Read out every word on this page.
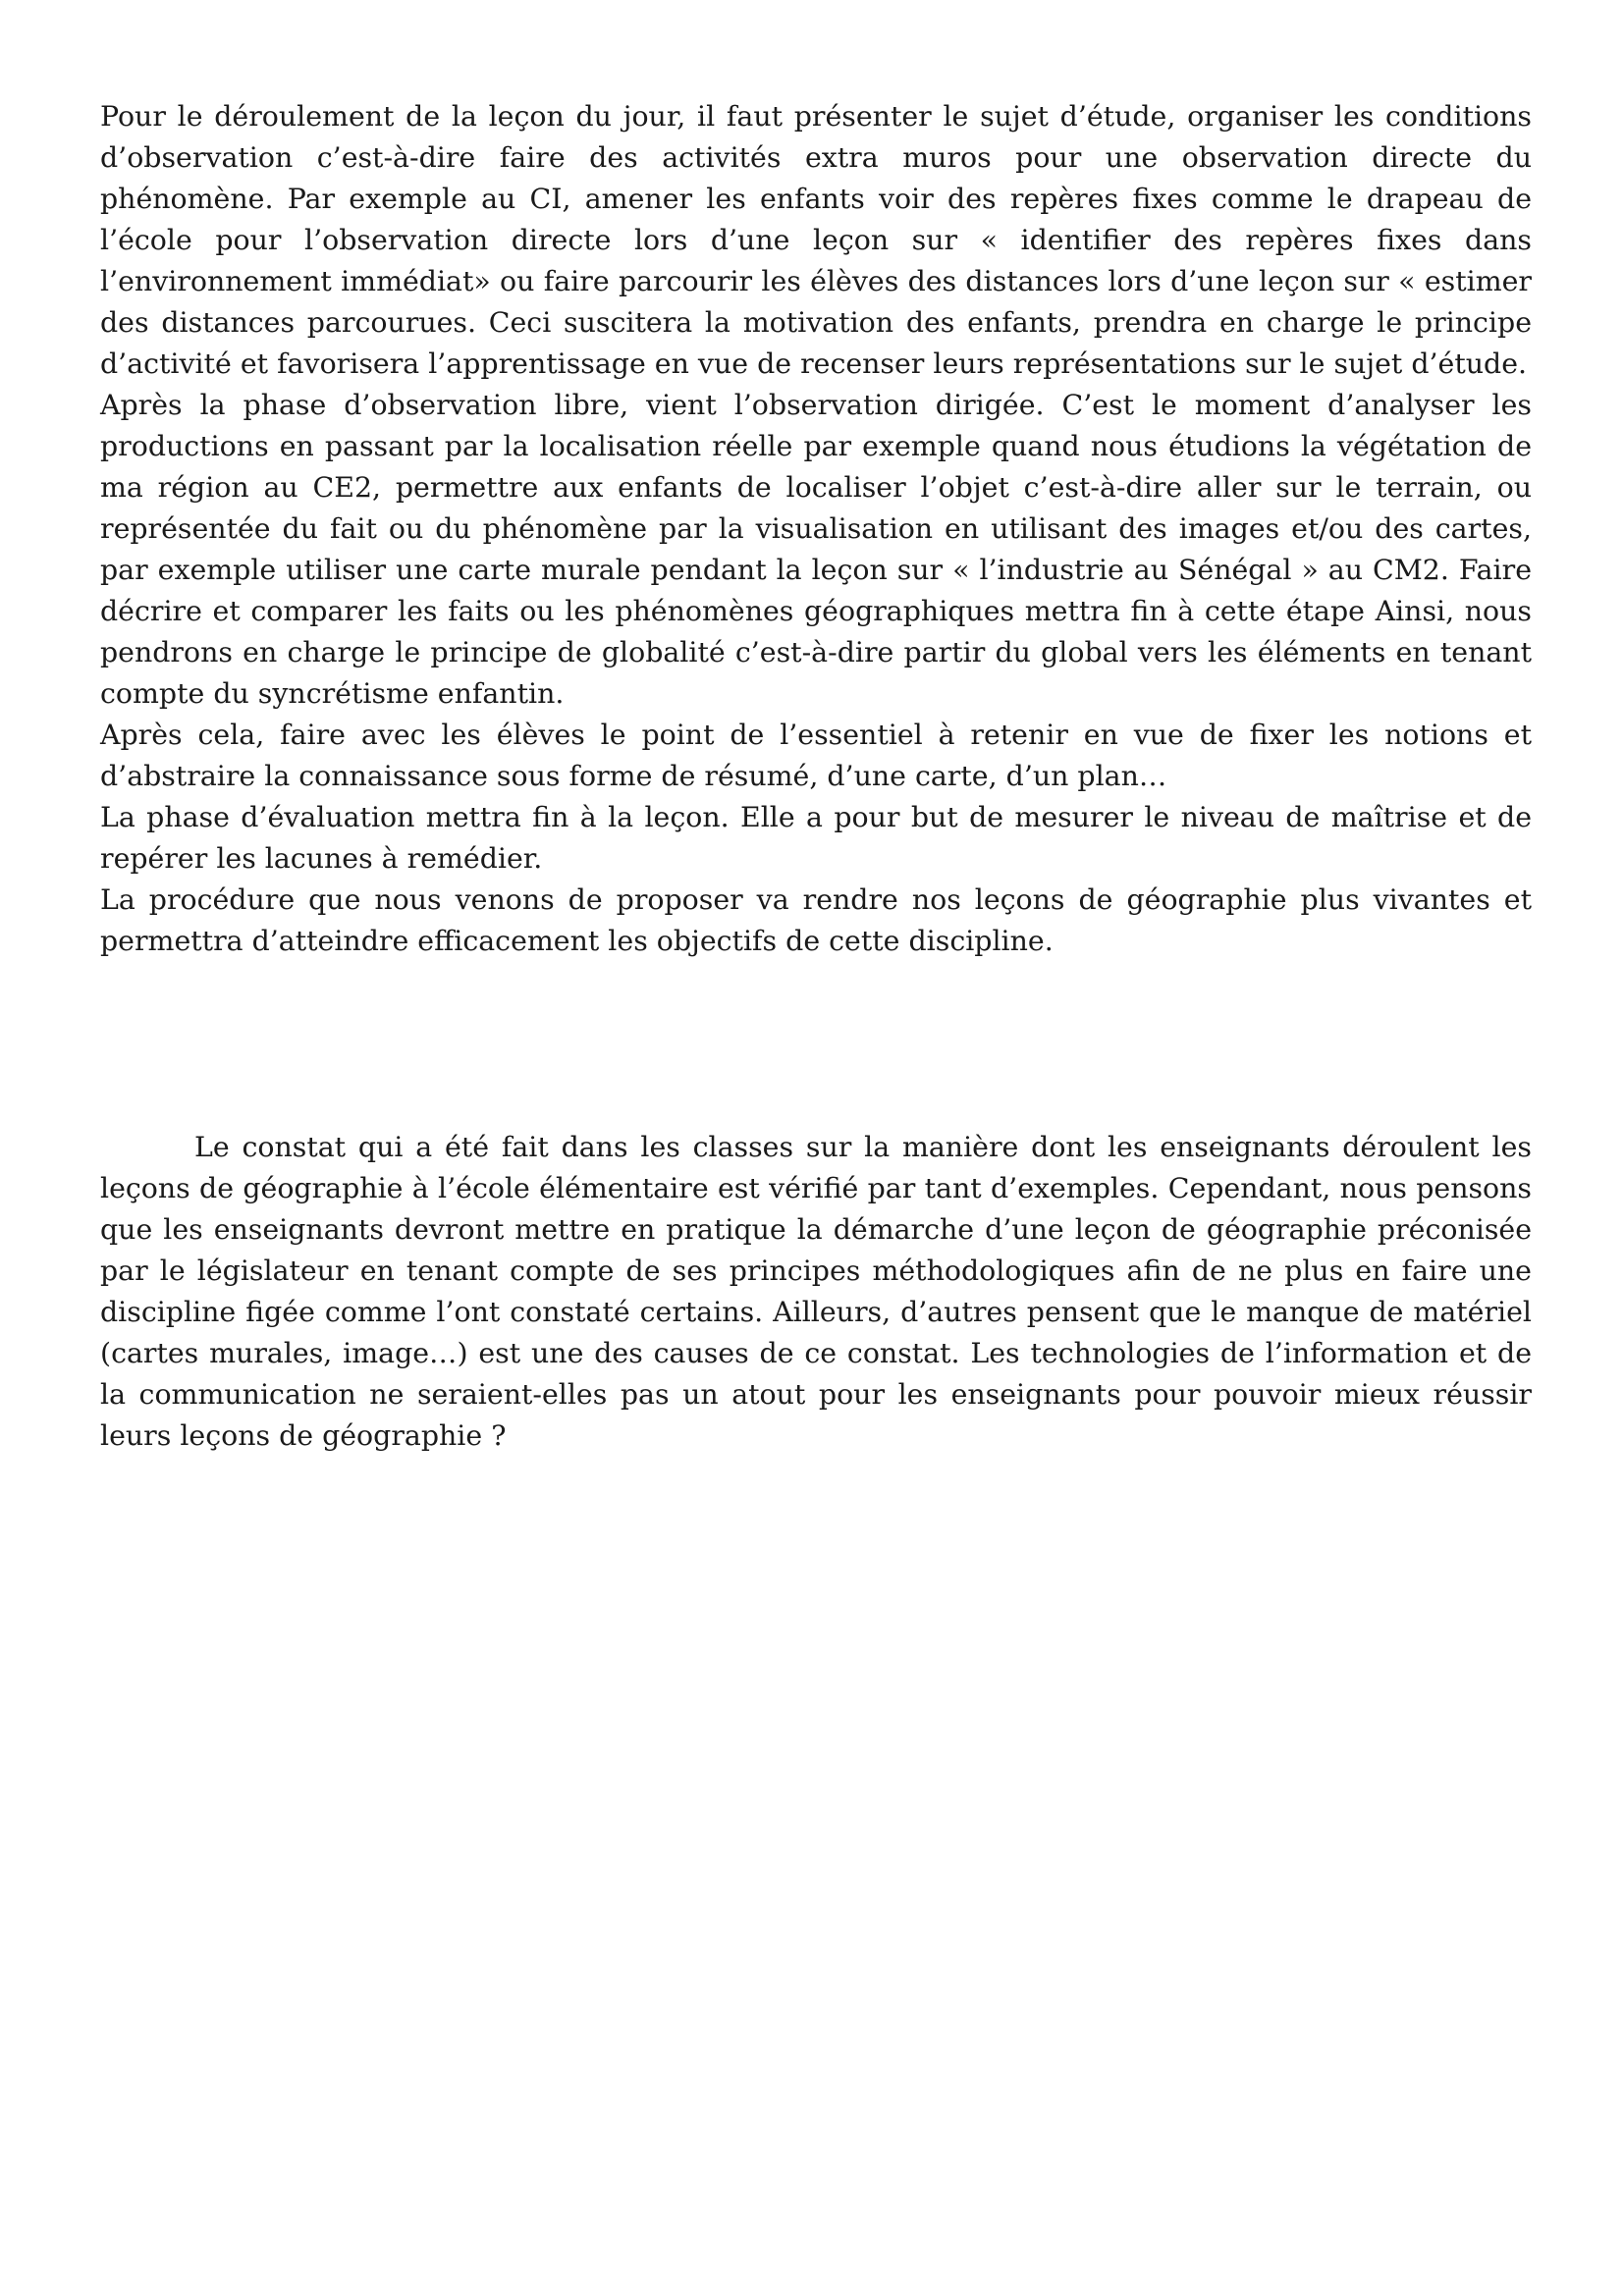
Pour le déroulement de la leçon du jour, il faut présenter le sujet d’étude, organiser les conditions d’observation c’est-à-dire faire des activités extra muros pour une observation directe du phénomène. Par exemple au CI, amener les enfants voir des repères fixes comme le drapeau de l’école pour l’observation directe lors d’une leçon sur « identifier des repères fixes dans l’environnement immédiat» ou faire parcourir les élèves des distances lors d’une leçon sur « estimer des distances parcourues. Ceci suscitera la motivation des enfants, prendra en charge le principe d’activité et favorisera l’apprentissage en vue de recenser leurs représentations sur le sujet d’étude.

Après la phase d’observation libre, vient l’observation dirigée. C’est le moment d’analyser les productions en passant par la localisation réelle par exemple quand nous étudions la végétation de ma région au CE2, permettre aux enfants de localiser l’objet c’est-à-dire aller sur le terrain, ou représentée du fait ou du phénomène par la visualisation en utilisant des images et/ou des cartes, par exemple utiliser une carte murale pendant la leçon sur « l’industrie au Sénégal » au CM2. Faire décrire et comparer les faits ou les phénomènes géographiques mettra fin à cette étape Ainsi, nous pendrons en charge le principe de globalité c’est-à-dire partir du global vers les éléments en tenant compte du syncrétisme enfantin.

Après cela, faire avec les élèves le point de l’essentiel à retenir en vue de fixer les notions et d’abstraire la connaissance sous forme de résumé, d’une carte, d’un plan…

La phase d’évaluation mettra fin à la leçon. Elle a pour but de mesurer le niveau de maîtrise et de repérer les lacunes à remédier.

La procédure que nous venons de proposer va rendre nos leçons de géographie plus vivantes et permettra d’atteindre efficacement les objectifs de cette discipline.

Le constat qui a été fait dans les classes sur la manière dont les enseignants déroulent les leçons de géographie à l’école élémentaire est vérifié par tant d’exemples. Cependant, nous pensons que les enseignants devront mettre en pratique la démarche d’une leçon de géographie préconisée par le législateur en tenant compte de ses principes méthodologiques afin de ne plus en faire une discipline figée comme l’ont constaté certains. Ailleurs, d’autres pensent que le manque de matériel (cartes murales, image…) est une des causes de ce constat. Les technologies de l’information et de la communication ne seraient-elles pas un atout pour les enseignants pour pouvoir mieux réussir leurs leçons de géographie ?
